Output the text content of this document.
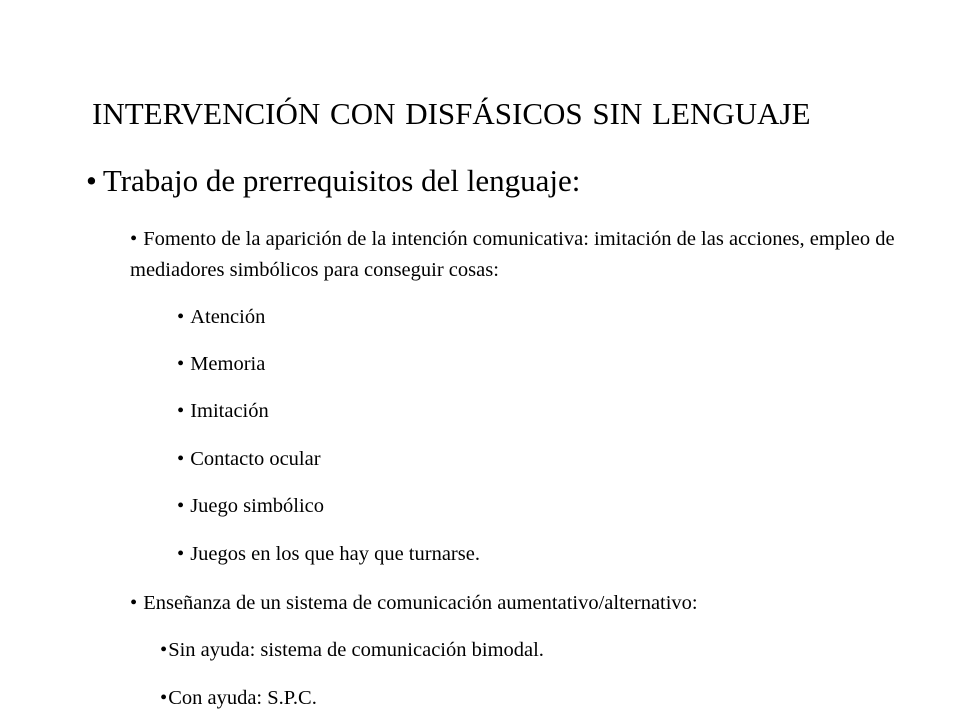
INTERVENCIÓN CON DISFÁSICOS SIN LENGUAJE
• Trabajo de prerrequisitos del lenguaje:
• Fomento de la aparición de la intención comunicativa: imitación de las acciones, empleo de mediadores simbólicos para conseguir cosas:
• Atención
• Memoria
• Imitación
• Contacto ocular
• Juego simbólico
• Juegos en los que hay que turnarse.
• Enseñanza de un sistema de comunicación aumentativo/alternativo:
•Sin ayuda: sistema de comunicación bimodal.
•Con ayuda: S.P.C.
